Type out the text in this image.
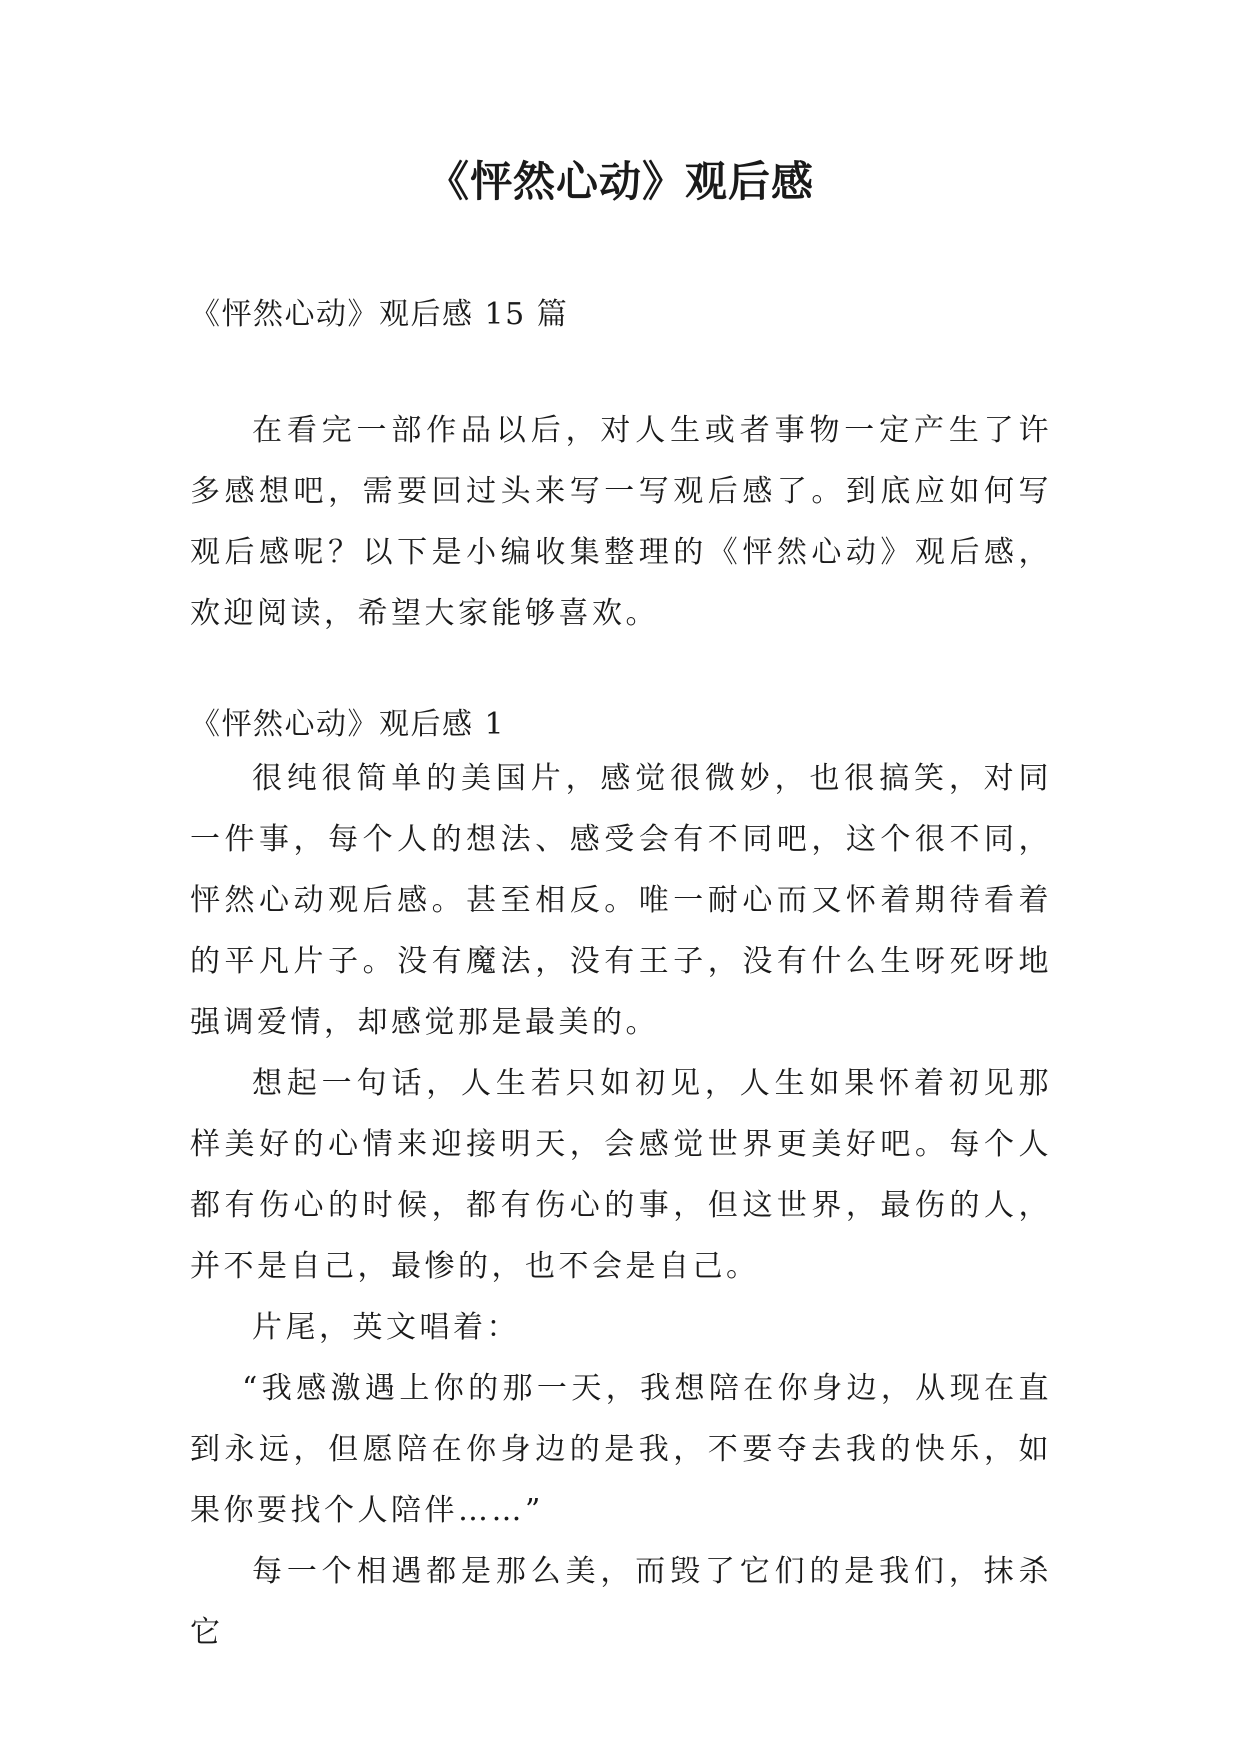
《怦然心动》观后感

《怦然心动》观后感 15 篇

在看完一部作品以后，对人生或者事物一定产生了许多感想吧，需要回过头来写一写观后感了。到底应如何写观后感呢？以下是小编收集整理的《怦然心动》观后感，欢迎阅读，希望大家能够喜欢。

《怦然心动》观后感 1

很纯很简单的美国片，感觉很微妙，也很搞笑，对同一件事，每个人的想法、感受会有不同吧，这个很不同，怦然心动观后感。甚至相反。唯一耐心而又怀着期待看着的平凡片子。没有魔法，没有王子，没有什么生呀死呀地强调爱情，却感觉那是最美的。

想起一句话，人生若只如初见，人生如果怀着初见那样美好的心情来迎接明天，会感觉世界更美好吧。每个人都有伤心的时候，都有伤心的事，但这世界，最伤的人，并不是自己，最惨的，也不会是自己。

片尾，英文唱着：

“我感激遇上你的那一天，我想陪在你身边，从现在直到永远，但愿陪在你身边的是我，不要夺去我的快乐，如果你要找个人陪伴……”

每一个相遇都是那么美，而毁了它们的是我们，抹杀它
